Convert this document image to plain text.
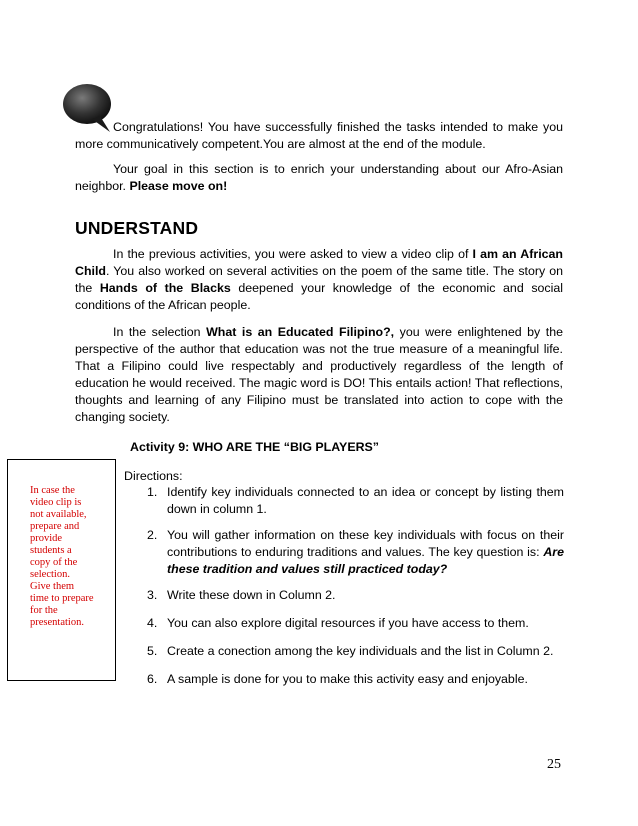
Congratulations! You have successfully finished the tasks intended to make you more communicatively competent.You are almost at the end of the module.
Your goal in this section is to enrich your understanding about our Afro-Asian neighbor. Please move on!
UNDERSTAND
In the previous activities, you were asked to view a video clip of I am an African Child. You also worked on several activities on the poem of the same title. The story on the Hands of the Blacks deepened your knowledge of the economic and social conditions of the African people.
In the selection What is an Educated Filipino?, you were enlightened by the perspective of the author that education was not the true measure of a meaningful life. That a Filipino could live respectably and productively regardless of the length of education he would received. The magic word is DO! This entails action! That reflections, thoughts and learning of any Filipino must be translated into action to cope with the changing society.
Activity 9: WHO ARE THE “BIG PLAYERS”
In case the
video clip is
not available,
prepare and
provide
students a
copy of the
selection.
Give them
time to prepare
for the
presentation.
Directions:
1. Identify key individuals connected to an idea or concept by listing them down in column 1.
2. You will gather information on these key individuals with focus on their contributions to enduring traditions and values. The key question is: Are these tradition and values still practiced today?
3. Write these down in Column 2.
4. You can also explore digital resources if you have access to them.
5. Create a conection among the key individuals and the list in Column 2.
6. A sample is done for you to make this activity easy and enjoyable.
25
